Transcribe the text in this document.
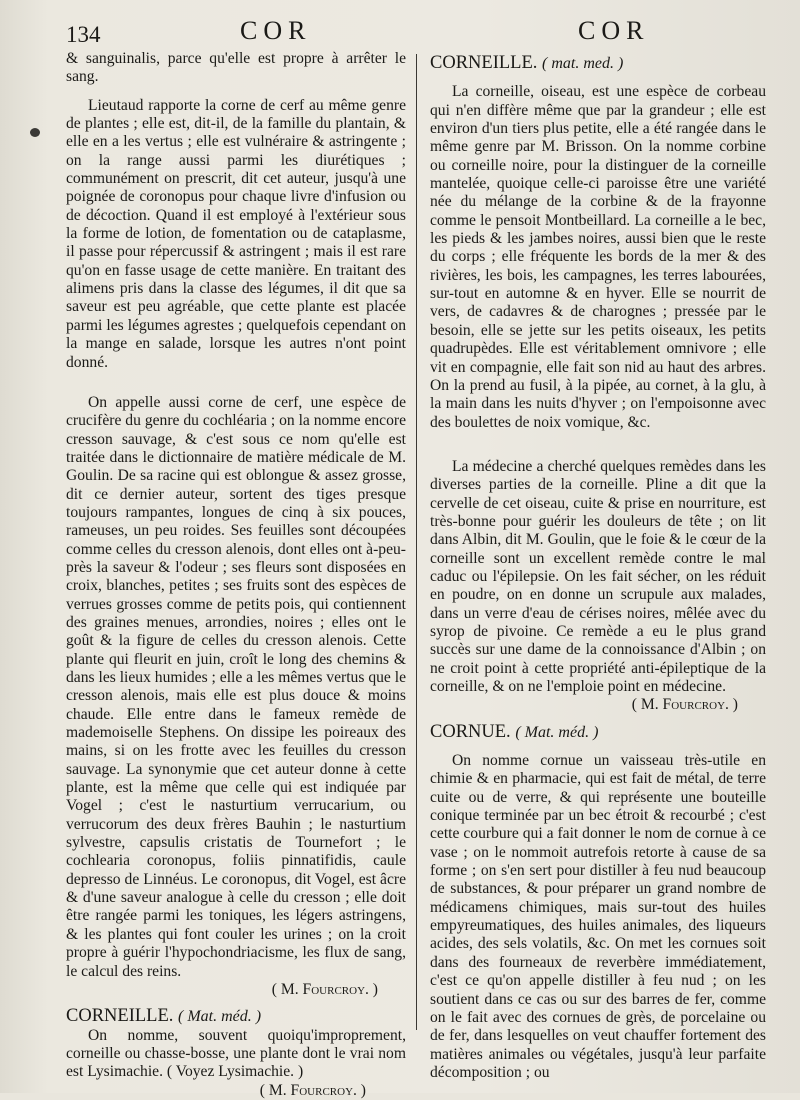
134	COR	COR

& sanguinalis, parce qu'elle est propre à arrêter le sang.

Lieutaud rapporte la corne de cerf au même genre de plantes ; elle est, dit-il, de la famille du plantain, & elle en a les vertus ; elle est vulnéraire & astringente ; on la range aussi parmi les diurétiques ; communément on prescrit, dit cet auteur, jusqu'à une poignée de coronopus pour chaque livre d'infusion ou de décoction. Quand il est employé à l'extérieur sous la forme de lotion, de fomentation ou de cataplasme, il passe pour répercussif & astringent ; mais il est rare qu'on en fasse usage de cette manière. En traitant des alimens pris dans la classe des légumes, il dit que sa saveur est peu agréable, que cette plante est placée parmi les légumes agrestes ; quelquefois cependant on la mange en salade, lorsque les autres n'ont point donné.

On appelle aussi corne de cerf, une espèce de crucifère du genre du cochléaria ; on la nomme encore cresson sauvage, & c'est sous ce nom qu'elle est traitée dans le dictionnaire de matière médicale de M. Goulin. De sa racine qui est oblongue & assez grosse, dit ce dernier auteur, sortent des tiges presque toujours rampantes, longues de cinq à six pouces, rameuses, un peu roides. Ses feuilles sont découpées comme celles du cresson alenois, dont elles ont à-peu-près la saveur & l'odeur ; ses fleurs sont disposées en croix, blanches, petites ; ses fruits sont des espèces de verrues grosses comme de petits pois, qui contiennent des graines menues, arrondies, noires ; elles ont le goût & la figure de celles du cresson alenois. Cette plante qui fleurit en juin, croît le long des chemins & dans les lieux humides ; elle a les mêmes vertus que le cresson alenois, mais elle est plus douce & moins chaude. Elle entre dans le fameux remède de mademoiselle Stephens. On dissipe les poireaux des mains, si on les frotte avec les feuilles du cresson sauvage. La synonymie que cet auteur donne à cette plante, est la même que celle qui est indiquée par Vogel ; c'est le nasturtium verrucarium, ou verrucorum des deux frères Bauhin ; le nasturtium sylvestre, capsulis cristatis de Tournefort ; le cochlearia coronopus, foliis pinnatifidis, caule depresso de Linnéus. Le coronopus, dit Vogel, est âcre & d'une saveur analogue à celle du cresson ; elle doit être rangée parmi les toniques, les légers astringens, & les plantes qui font couler les urines ; on la croit propre à guérir l'hypochondriacisme, les flux de sang, le calcul des reins.

( M. Fourcroy. )

CORNEILLE. ( Mat. méd. )

On nomme, souvent quoiqu'improprement, corneille ou chasse-bosse, une plante dont le vrai nom est Lysimachie. ( Voyez Lysimachie. )

( M. Fourcroy. )

CORNEILLE. ( mat. med. )

La corneille, oiseau, est une espèce de corbeau qui n'en diffère même que par la grandeur ; elle est environ d'un tiers plus petite, elle a été rangée dans le même genre par M. Brisson. On la nomme corbine ou corneille noire, pour la distinguer de la corneille mantelée, quoique celle-ci paroisse être une variété née du mélange de la corbine & de la frayonne comme le pensoit Montbeillard. La corneille a le bec, les pieds & les jambes noires, aussi bien que le reste du corps ; elle fréquente les bords de la mer & des rivières, les bois, les campagnes, les terres labourées, sur-tout en automne & en hyver. Elle se nourrit de vers, de cadavres & de charognes ; pressée par le besoin, elle se jette sur les petits oiseaux, les petits quadrupèdes. Elle est véritablement omnivore ; elle vit en compagnie, elle fait son nid au haut des arbres. On la prend au fusil, à la pipée, au cornet, à la glu, à la main dans les nuits d'hyver ; on l'empoisonne avec des boulettes de noix vomique, &c.

La médecine a cherché quelques remèdes dans les diverses parties de la corneille. Pline a dit que la cervelle de cet oiseau, cuite & prise en nourriture, est très-bonne pour guérir les douleurs de tête ; on lit dans Albin, dit M. Goulin, que le foie & le cœur de la corneille sont un excellent remède contre le mal caduc ou l'épilepsie. On les fait sécher, on les réduit en poudre, on en donne un scrupule aux malades, dans un verre d'eau de cérises noires, mêlée avec du syrop de pivoine. Ce remède a eu le plus grand succès sur une dame de la connoissance d'Albin ; on ne croit point à cette propriété anti-épileptique de la corneille, & on ne l'emploie point en médecine.

( M. Fourcroy. )

CORNUE. ( Mat. méd. )

On nomme cornue un vaisseau très-utile en chimie & en pharmacie, qui est fait de métal, de terre cuite ou de verre, & qui représente une bouteille conique terminée par un bec étroit & recourbé ; c'est cette courbure qui a fait donner le nom de cornue à ce vase ; on le nommoit autrefois retorte à cause de sa forme ; on s'en sert pour distiller à feu nud beaucoup de substances, & pour préparer un grand nombre de médicamens chimiques, mais sur-tout des huiles empyreumatiques, des huiles animales, des liqueurs acides, des sels volatils, &c. On met les cornues soit dans des fourneaux de reverbère immédiatement, c'est ce qu'on appelle distiller à feu nud ; on les soutient dans ce cas ou sur des barres de fer, comme on le fait avec des cornues de grès, de porcelaine ou de fer, dans lesquelles on veut chauffer fortement des matières animales ou végétales, jusqu'à leur parfaite décomposition ; ou
